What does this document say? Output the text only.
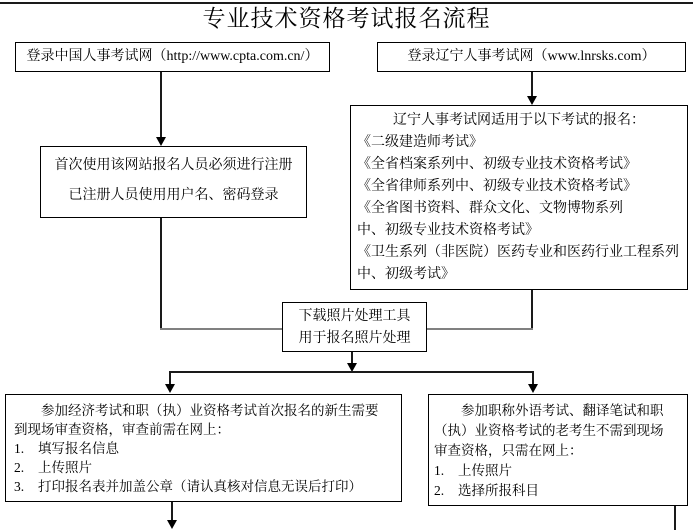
专业技术资格考试报名流程
登录中国人事考试网（http://www.cpta.com.cn/）	登录辽宁人事考试网（www.lnrsks.com）
首次使用该网站报名人员必须进行注册
已注册人员使用用户名、密码登录
辽宁人事考试网适用于以下考试的报名：
《二级建造师考试》
《全省档案系列中、初级专业技术资格考试》
《全省律师系列中、初级专业技术资格考试》
《全省图书资料、群众文化、文物博物系列
中、初级专业技术资格考试》
《卫生系列（非医院）医药专业和医药行业工程系列
中、初级考试》
下载照片处理工具
用于报名照片处理
参加经济考试和职（执）业资格考试首次报名的新生需要
到现场审查资格，审查前需在网上：
1.	填写报名信息
2.	上传照片
3.	打印报名表并加盖公章（请认真核对信息无误后打印）
参加职称外语考试、翻译笔试和职
（执）业资格考试的老考生不需到现场
审查资格，只需在网上：
1.	上传照片
2.	选择所报科目
